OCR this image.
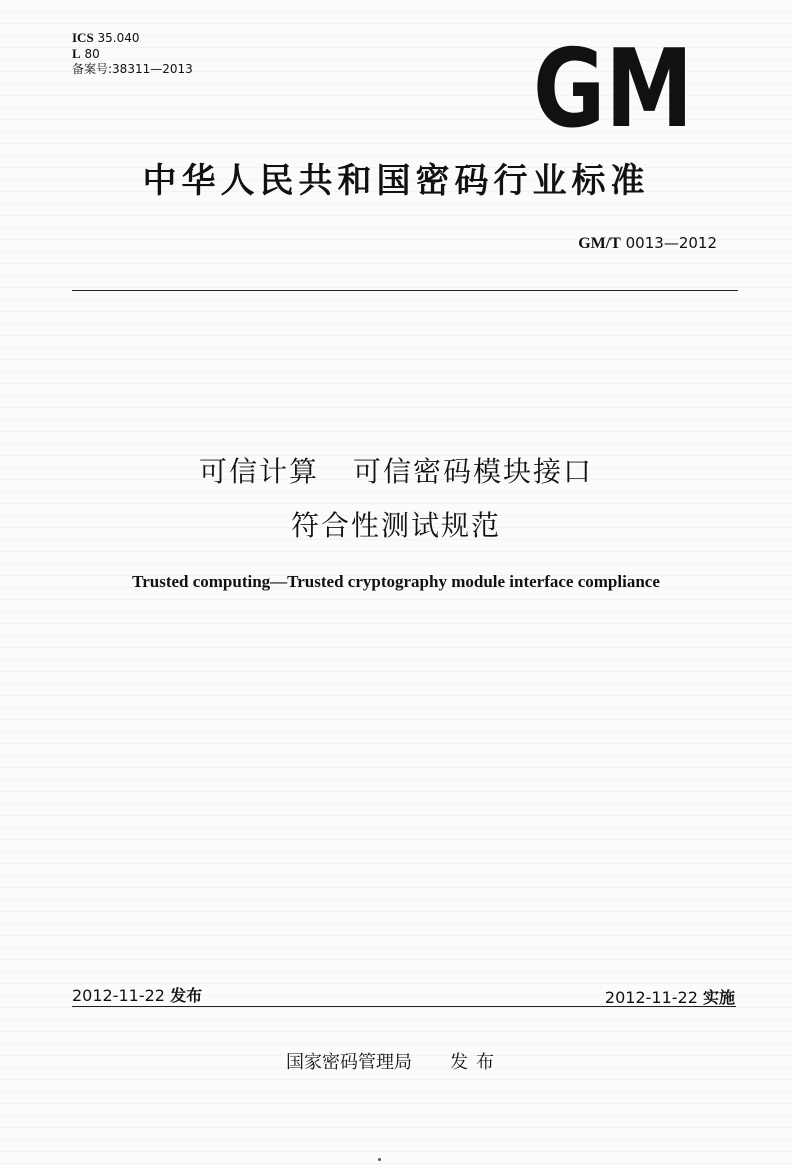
ICS 35.040
L 80
备案号:38311—2013	GM
中华人民共和国密码行业标准
GM/T 0013—2012
可信计算 可信密码模块接口
符合性测试规范
Trusted computing—Trusted cryptography module interface compliance
2012-11-22 发布	2012-11-22 实施
国家密码管理局 发布
